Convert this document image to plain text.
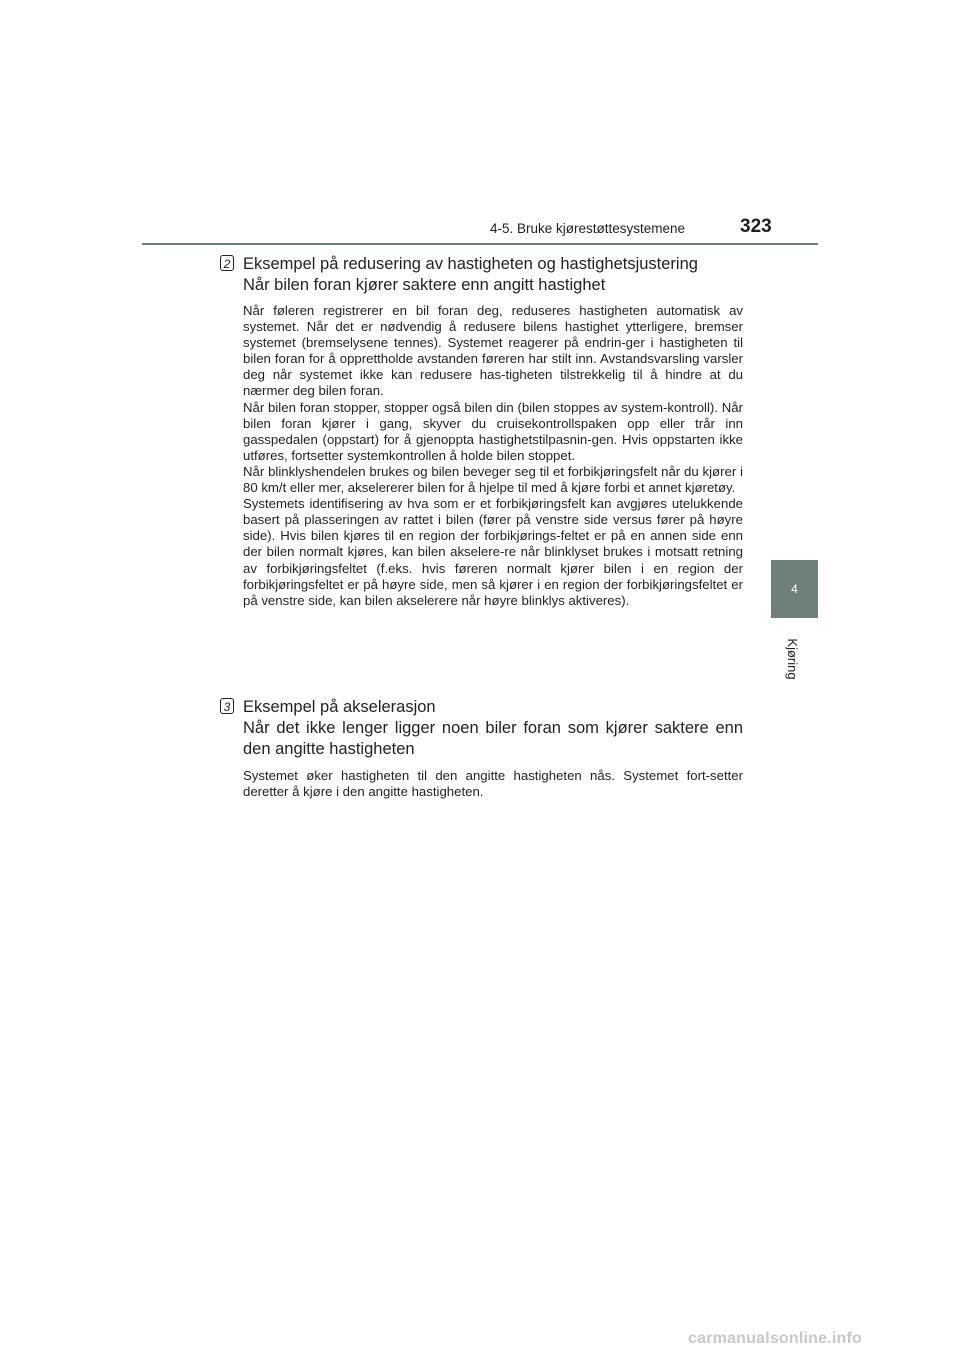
4-5. Bruke kjørestøttesystemene	323
4
Kjøring
2 Eksempel på redusering av hastigheten og hastighetsjustering
Når bilen foran kjører saktere enn angitt hastighet

Når føleren registrerer en bil foran deg, reduseres hastigheten automatisk av systemet. Når det er nødvendig å redusere bilens hastighet ytterligere, bremser systemet (bremselysene tennes). Systemet reagerer på endrin-ger i hastigheten til bilen foran for å opprettholde avstanden føreren har stilt inn. Avstandsvarsling varsler deg når systemet ikke kan redusere has-tigheten tilstrekkelig til å hindre at du nærmer deg bilen foran.

Når bilen foran stopper, stopper også bilen din (bilen stoppes av system-kontroll). Når bilen foran kjører i gang, skyver du cruisekontrollspaken opp eller trår inn gasspedalen (oppstart) for å gjenoppta hastighetstilpasnin-gen. Hvis oppstarten ikke utføres, fortsetter systemkontrollen å holde bilen stoppet.

Når blinklyshendelen brukes og bilen beveger seg til et forbikjøringsfelt når du kjører i 80 km/t eller mer, akselererer bilen for å hjelpe til med å kjøre forbi et annet kjøretøy.

Systemets identifisering av hva som er et forbikjøringsfelt kan avgjøres utelukkende basert på plasseringen av rattet i bilen (fører på venstre side versus fører på høyre side). Hvis bilen kjøres til en region der forbikjørings-feltet er på en annen side enn der bilen normalt kjøres, kan bilen akselere-re når blinklyset brukes i motsatt retning av forbikjøringsfeltet (f.eks. hvis føreren normalt kjører bilen i en region der forbikjøringsfeltet er på høyre side, men så kjører i en region der forbikjøringsfeltet er på venstre side, kan bilen akselerere når høyre blinklys aktiveres).

3 Eksempel på akselerasjon
Når det ikke lenger ligger noen biler foran som kjører saktere enn den angitte hastigheten

Systemet øker hastigheten til den angitte hastigheten nås. Systemet fort-setter deretter å kjøre i den angitte hastigheten.

carmanualsonline.info
